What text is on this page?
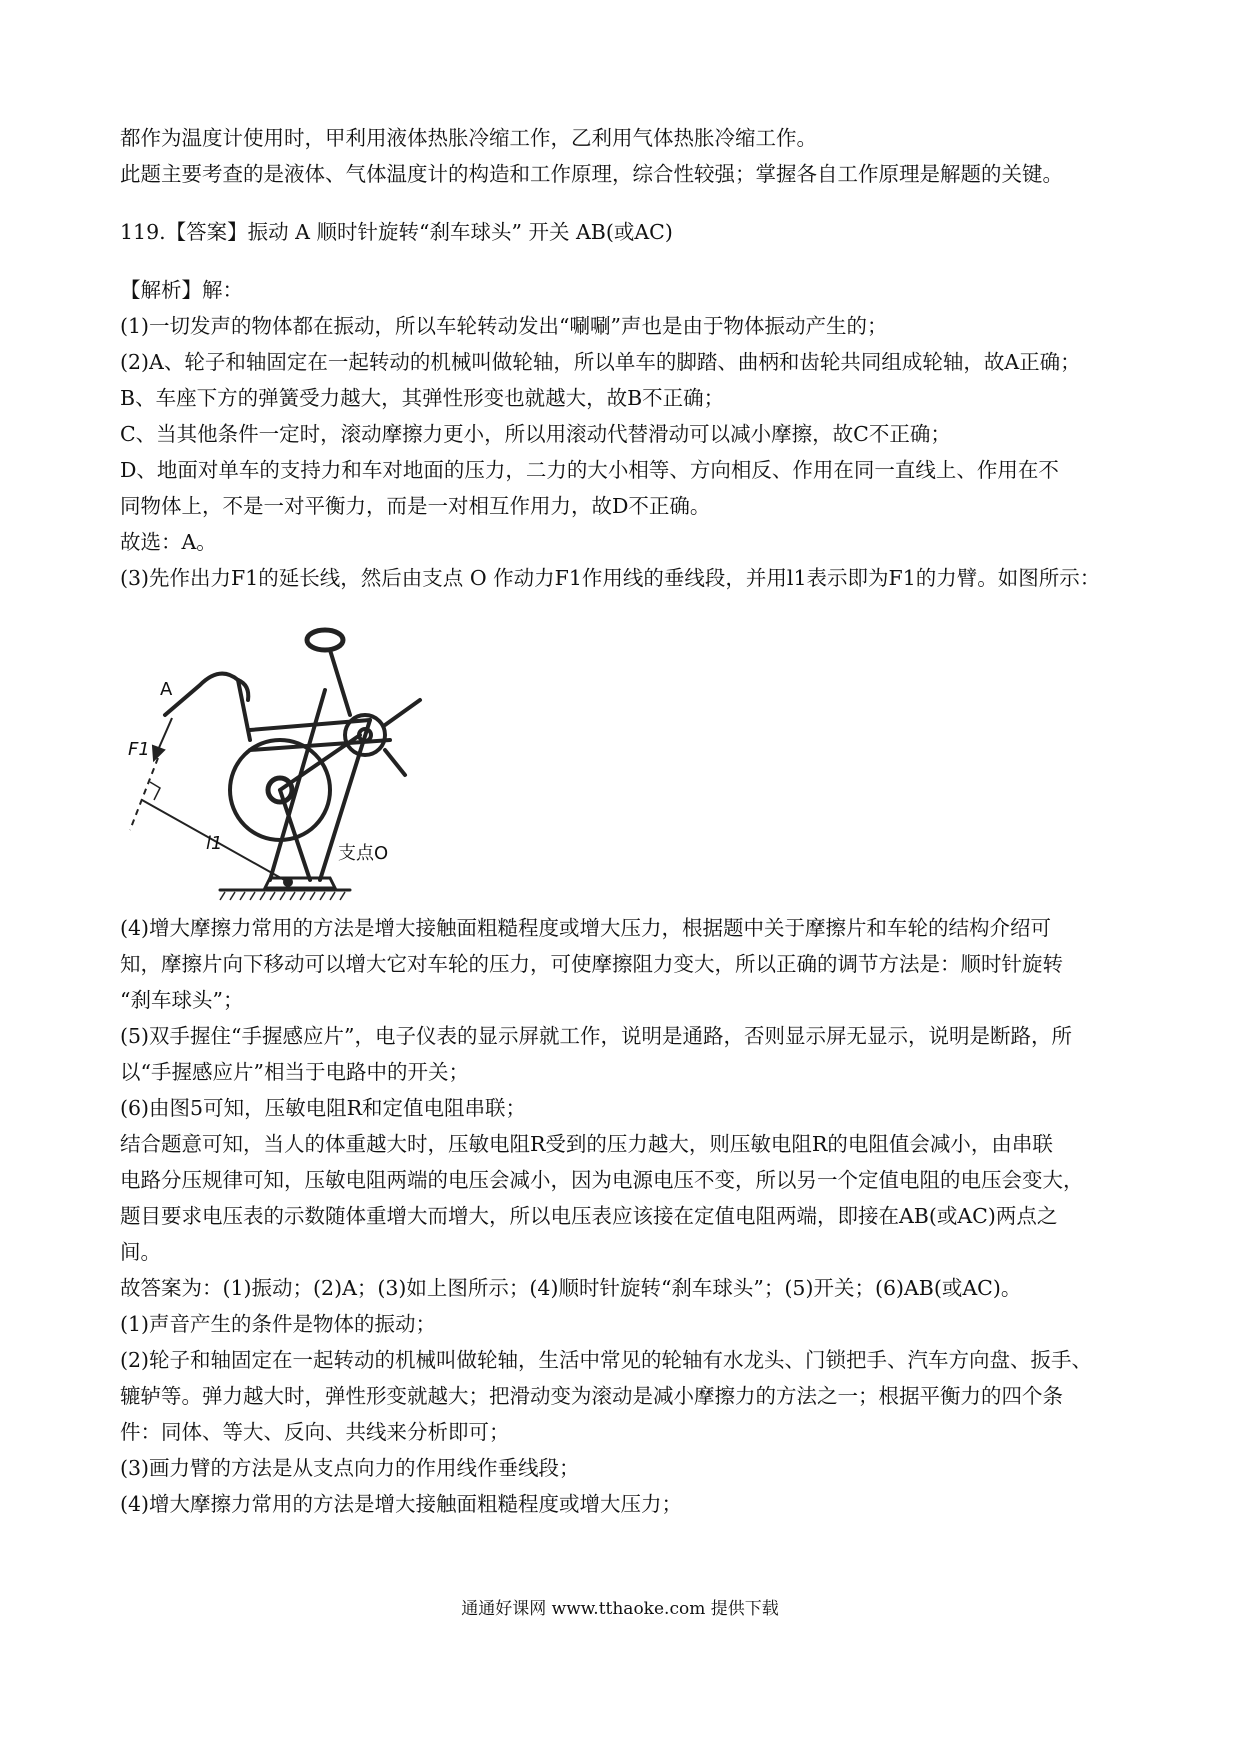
都作为温度计使用时，甲利用液体热胀冷缩工作，乙利用气体热胀冷缩工作。
此题主要考查的是液体、气体温度计的构造和工作原理，综合性较强；掌握各自工作原理是解题的关键。
119.【答案】振动 A 顺时针旋转“刹车球头” 开关 AB(或AC)
【解析】解：
(1)一切发声的物体都在振动，所以车轮转动发出“唰唰”声也是由于物体振动产生的；
(2)A、轮子和轴固定在一起转动的机械叫做轮轴，所以单车的脚踏、曲柄和齿轮共同组成轮轴，故A正确；
B、车座下方的弹簧受力越大，其弹性形变也就越大，故B不正确；
C、当其他条件一定时，滚动摩擦力更小，所以用滚动代替滑动可以减小摩擦，故C不正确；
D、地面对单车的支持力和车对地面的压力，二力的大小相等、方向相反、作用在同一直线上、作用在不
同物体上，不是一对平衡力，而是一对相互作用力，故D不正确。
故选：A。
(3)先作出力F1的延长线，然后由支点 O 作动力F1作用线的垂线段，并用l1表示即为F1的力臂。如图所示：
A
F1
l1	支点O
(4)增大摩擦力常用的方法是增大接触面粗糙程度或增大压力，根据题中关于摩擦片和车轮的结构介绍可
知，摩擦片向下移动可以增大它对车轮的压力，可使摩擦阻力变大，所以正确的调节方法是：顺时针旋转
“刹车球头”；
(5)双手握住“手握感应片”，电子仪表的显示屏就工作，说明是通路，否则显示屏无显示，说明是断路，所
以“手握感应片”相当于电路中的开关；
(6)由图5可知，压敏电阻R和定值电阻串联；
结合题意可知，当人的体重越大时，压敏电阻R受到的压力越大，则压敏电阻R的电阻值会减小，由串联
电路分压规律可知，压敏电阻两端的电压会减小，因为电源电压不变，所以另一个定值电阻的电压会变大，
题目要求电压表的示数随体重增大而增大，所以电压表应该接在定值电阻两端，即接在AB(或AC)两点之
间。
故答案为：(1)振动；(2)A；(3)如上图所示；(4)顺时针旋转“刹车球头”；(5)开关；(6)AB(或AC)。
(1)声音产生的条件是物体的振动；
(2)轮子和轴固定在一起转动的机械叫做轮轴，生活中常见的轮轴有水龙头、门锁把手、汽车方向盘、扳手、
辘轳等。弹力越大时，弹性形变就越大；把滑动变为滚动是减小摩擦力的方法之一；根据平衡力的四个条
件：同体、等大、反向、共线来分析即可；
(3)画力臂的方法是从支点向力的作用线作垂线段；
(4)增大摩擦力常用的方法是增大接触面粗糙程度或增大压力；
通通好课网 www.tthaoke.com 提供下载
